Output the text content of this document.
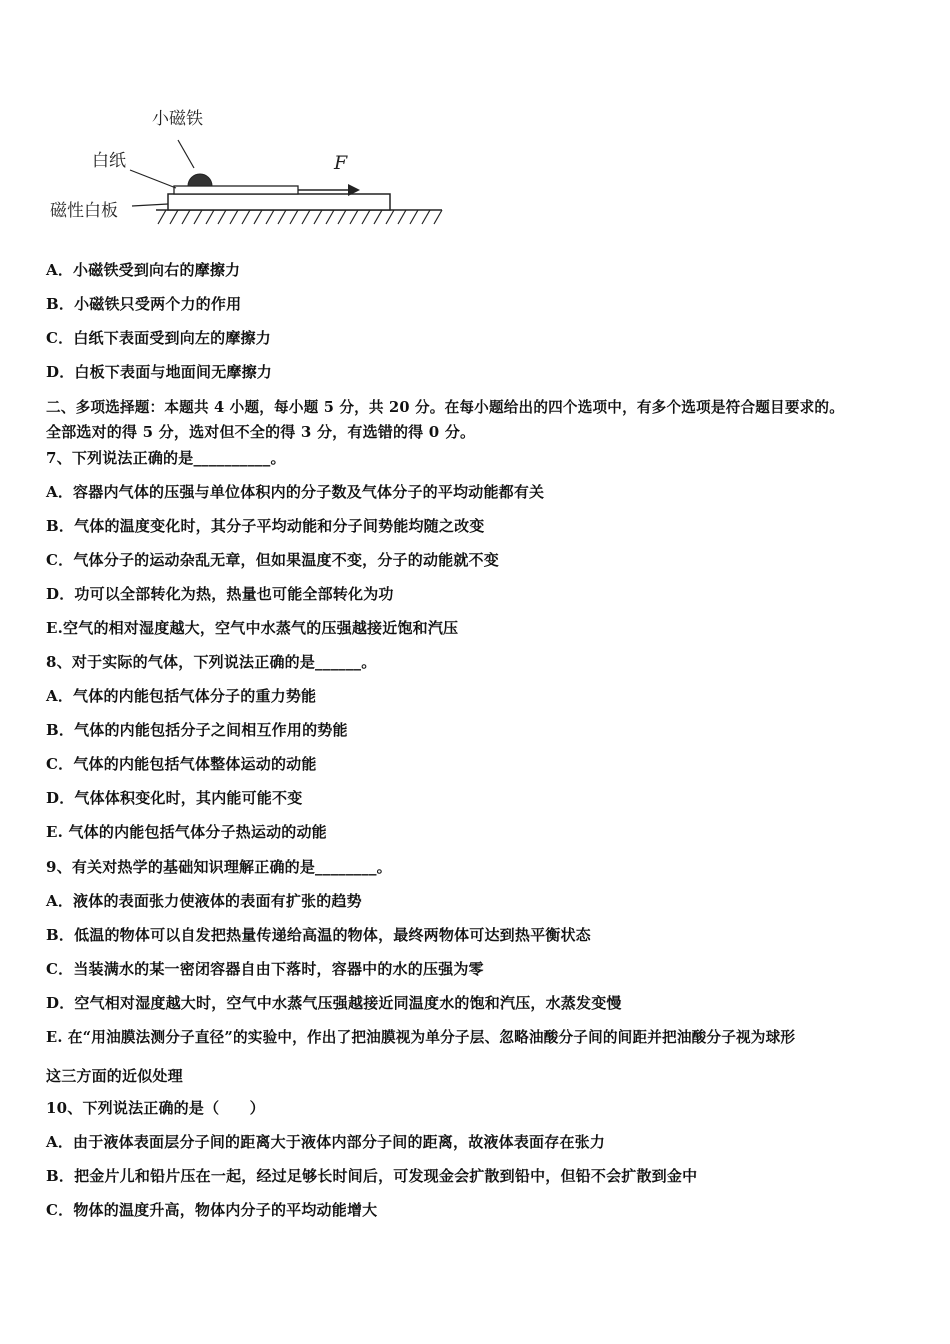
小磁铁
白纸
磁性白板
F
A．小磁铁受到向右的摩擦力
B．小磁铁只受两个力的作用
C．白纸下表面受到向左的摩擦力
D．白板下表面与地面间无摩擦力
二、多项选择题：本题共 4 小题，每小题 5 分，共 20 分。在每小题给出的四个选项中，有多个选项是符合题目要求的。
全部选对的得 5 分，选对但不全的得 3 分，有选错的得 0 分。
7、下列说法正确的是__________。
A．容器内气体的压强与单位体积内的分子数及气体分子的平均动能都有关
B．气体的温度变化时，其分子平均动能和分子间势能均随之改变
C．气体分子的运动杂乱无章，但如果温度不变，分子的动能就不变
D．功可以全部转化为热，热量也可能全部转化为功
E.空气的相对湿度越大，空气中水蒸气的压强越接近饱和汽压
8、对于实际的气体，下列说法正确的是______。
A．气体的内能包括气体分子的重力势能
B．气体的内能包括分子之间相互作用的势能
C．气体的内能包括气体整体运动的动能
D．气体体积变化时，其内能可能不变
E. 气体的内能包括气体分子热运动的动能
9、有关对热学的基础知识理解正确的是________。
A．液体的表面张力使液体的表面有扩张的趋势
B．低温的物体可以自发把热量传递给高温的物体，最终两物体可达到热平衡状态
C．当装满水的某一密闭容器自由下落时，容器中的水的压强为零
D．空气相对湿度越大时，空气中水蒸气压强越接近同温度水的饱和汽压，水蒸发变慢
E. 在“用油膜法测分子直径”的实验中，作出了把油膜视为单分子层、忽略油酸分子间的间距并把油酸分子视为球形
这三方面的近似处理
10、下列说法正确的是（　　）
A．由于液体表面层分子间的距离大于液体内部分子间的距离，故液体表面存在张力
B．把金片儿和铅片压在一起，经过足够长时间后，可发现金会扩散到铅中，但铅不会扩散到金中
C．物体的温度升高，物体内分子的平均动能增大
